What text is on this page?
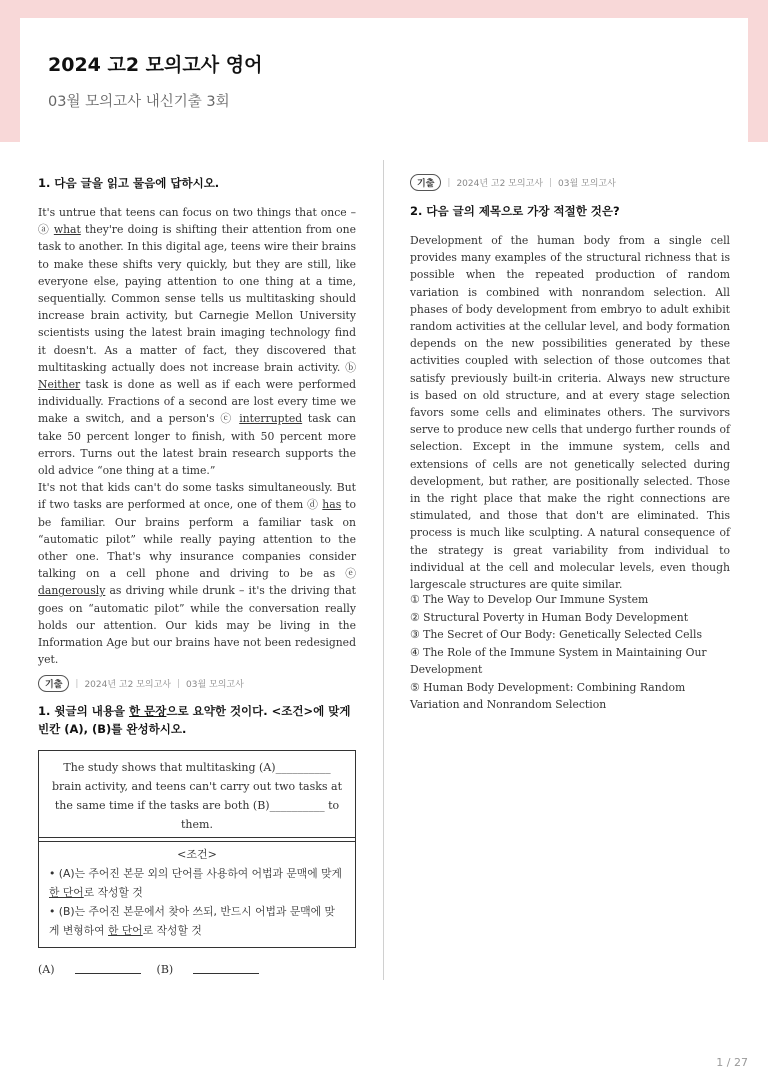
2024 고2 모의고사 영어

03월 모의고사 내신기출 3회

1. 다음 글을 읽고 물음에 답하시오.

It's untrue that teens can focus on two things that once – ⓐ what they're doing is shifting their attention from one task to another. In this digital age, teens wire their brains to make these shifts very quickly, but they are still, like everyone else, paying attention to one thing at a time, sequentially. Common sense tells us multitasking should increase brain activity, but Carnegie Mellon University scientists using the latest brain imaging technology find it doesn't. As a matter of fact, they discovered that multitasking actually does not increase brain activity. ⓑ Neither task is done as well as if each were performed individually. Fractions of a second are lost every time we make a switch, and a person's ⓒ interrupted task can take 50 percent longer to finish, with 50 percent more errors. Turns out the latest brain research supports the old advice “one thing at a time.”

It's not that kids can't do some tasks simultaneously. But if two tasks are performed at once, one of them ⓓ has to be familiar. Our brains perform a familiar task on “automatic pilot” while really paying attention to the other one. That's why insurance companies consider talking on a cell phone and driving to be as ⓔ dangerously as driving while drunk – it's the driving that goes on “automatic pilot” while the conversation really holds our attention. Our kids may be living in the Information Age but our brains have not been redesigned yet.

기출	| 2024년 고2 모의고사 | 03월 모의고사

1. 윗글의 내용을 한 문장으로 요약한 것이다. <조건>에 맞게 빈칸 (A), (B)를 완성하시오.

The study shows that multitasking (A)__________ brain activity, and teens can't carry out two tasks at the same time if the tasks are both (B)__________ to them.
<조건>
• (A)는 주어진 본문 외의 단어를 사용하여 어법과 문맥에 맞게 한 단어로 작성할 것
• (B)는 주어진 본문에서 찾아 쓰되, 반드시 어법과 문맥에 맞게 변형하여 한 단어로 작성할 것
(A)	(B)
기출	| 2024년 고2 모의고사 | 03월 모의고사

2. 다음 글의 제목으로 가장 적절한 것은?

Development of the human body from a single cell provides many examples of the structural richness that is possible when the repeated production of random variation is combined with nonrandom selection. All phases of body development from embryo to adult exhibit random activities at the cellular level, and body formation depends on the new possibilities generated by these activities coupled with selection of those outcomes that satisfy previously built-in criteria. Always new structure is based on old structure, and at every stage selection favors some cells and eliminates others. The survivors serve to produce new cells that undergo further rounds of selection. Except in the immune system, cells and extensions of cells are not genetically selected during development, but rather, are positionally selected. Those in the right place that make the right connections are stimulated, and those that don't are eliminated. This process is much like sculpting. A natural consequence of the strategy is great variability from individual to individual at the cell and molecular levels, even though largescale structures are quite similar.

① The Way to Develop Our Immune System

② Structural Poverty in Human Body Development

③ The Secret of Our Body: Genetically Selected Cells

④ The Role of the Immune System in Maintaining Our Development

⑤ Human Body Development: Combining Random Variation and Nonrandom Selection

1 / 27
